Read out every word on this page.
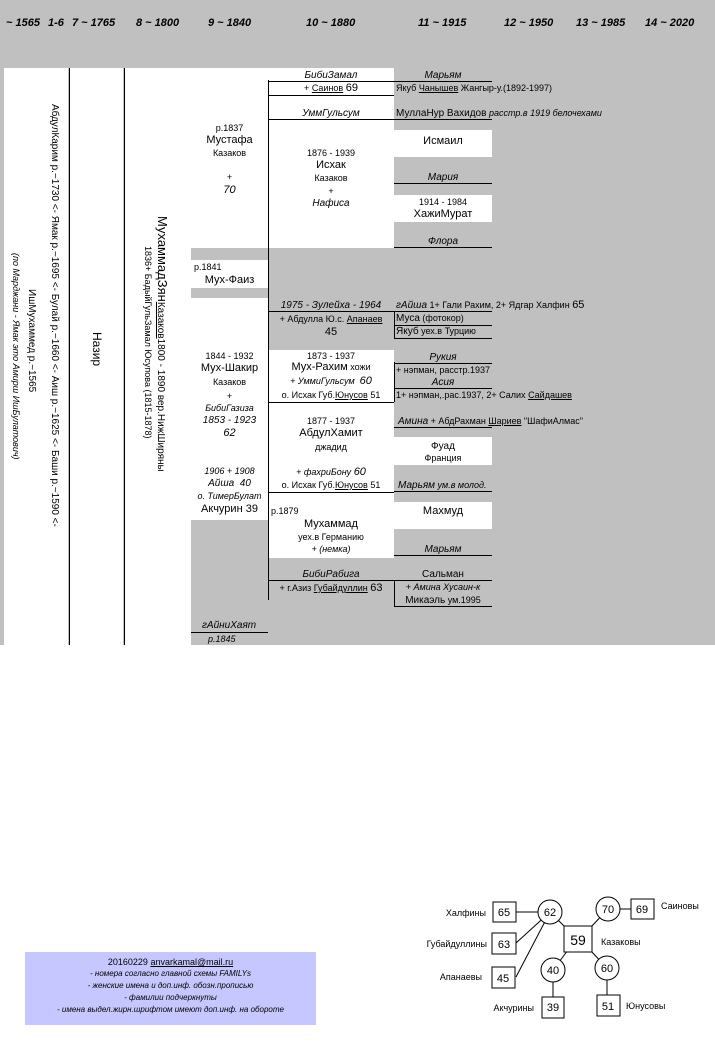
~ 1565 1-6 7 ~ 1765 8 ~ 1800	9 ~ 1840	10 ~ 1880	11 ~ 1915	12 ~ 1950 13 ~ 1985 14 ~ 2020
АбдулКарим р.~1730 <- Ямак р.~1695 <- Булай р.~1660 <- Аиш р.~1625 <- Баши р.~1590 <-
ИшМухаммед р.~1565
(по Марджани - Ямак это Амирш ИшБулатович)	Назир
МухаммадЗянКазаков1800 - 1890 вер.НижШиряны
1836+ БадыйГульЗамал Юсупова (1815-1878)
р.1837
Мустафа
Казаков
+
70
р.1841
Мух-Фаиз
1844 - 1932
Мух-Шакир
Казаков
+
БибиГазиза
1853 - 1923
62
1906 + 1908
Айша 40
о. ТимерБулат
Акчурин 39
гАйниХаят
р.1845
БибиЗамал
+ Саинов 69
УммГульсум
1876 - 1939
Исхак
Казаков
+
Нафиса
1975 - Зулейха - 1964
+ Абдулла Ю.с. Апанаев
45
1873 - 1937
Мух-Рахим хожи
+ УммиГульсум 60
о. Исхак Губ.Юнусов 51
1877 - 1937
АбдулХамит
джадид
+ фахриБону 60
о. Исхак Губ.Юнусов 51
р.1879
Мухаммад
уех.в Германию
+ (немка)
БибиРабига
+ г.Азиз Губайдуллин 63
Марьям
Якуб Чанышев Жангыр-у.(1892-1997)
МуллаНур Вахидов расстр.в 1919 белочехами
Исмаил
Мария
1914 - 1984
ХажиМурат
Флора
гАйша 1+ Гали Рахим, 2+ Ядгар Халфин 65
Муса (фотокор)
Якуб уех.в Турцию
Рукия
+ нэпман, расстр.1937
Асия
1+ нэпман,.рас.1937, 2+ Салих Сайдашев
Амина + АбдРахман Шариев "ШафиАлмас"
Фуад
Франция
Марьям ум.в молод.
Махмуд
Марьям
Сальман
+ Амина Хусаин-к
Микаэль ум.1995
20160229 anvarkamal@mail.ru
- номера согласно главной схемы FAMILYs
- женские имена и доп.инф. обозн.прописью
- фамилии подчеркнуты
- имена выдел.жирн.шрифтом имеют доп.инф. на обороте
59
62	70
40	60
65
63
45
69
39	51
Халфины
Губайдуллины
Апанаевы
Саиновы
Акчурины	Юнусовы
Казаковы
